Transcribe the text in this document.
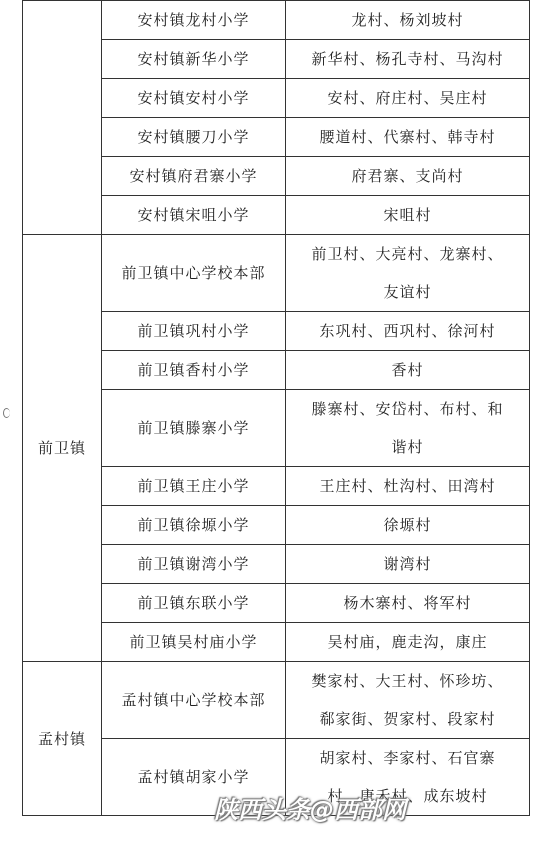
	安村镇龙村小学	龙村、杨刘坡村
	安村镇新华小学	新华村、杨孔寺村、马沟村
	安村镇安村小学	安村、府庄村、吴庄村
	安村镇腰刀小学	腰道村、代寨村、韩寺村
	安村镇府君寨小学	府君寨、支尚村
	安村镇宋咀小学	宋咀村
前卫镇	前卫镇中心学校本部	前卫村、大亮村、龙寨村、
友谊村

	前卫镇巩村小学	东巩村、西巩村、徐河村
	前卫镇香村小学	香村
	前卫镇滕寨小学	滕寨村、安岱村、布村、和
谐村

	前卫镇王庄小学	王庄村、杜沟村、田湾村
	前卫镇徐塬小学	徐塬村
	前卫镇谢湾小学	谢湾村
	前卫镇东联小学	杨木寨村、将军村
	前卫镇吴村庙小学	吴村庙，鹿走沟，康庄
孟村镇	孟村镇中心学校本部	樊家村、大王村、怀珍坊、
郗家街、贺家村、段家村

	孟村镇胡家小学	胡家村、李家村、石官寨
村、唐禾村、成东坡村
陕西头条@西部网
